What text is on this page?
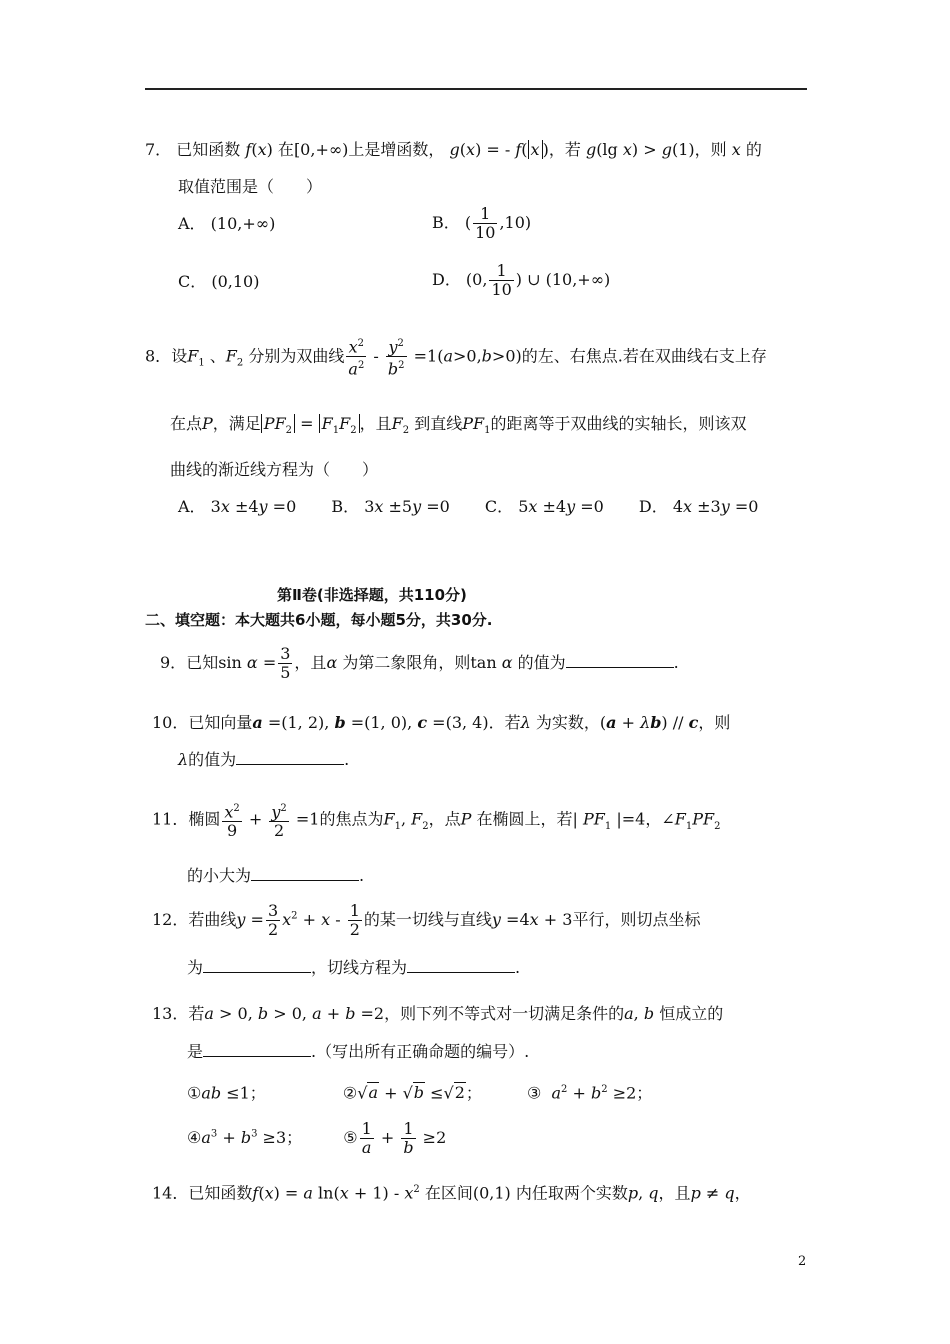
7． 已知函数 f(x) 在[0,+∞)上是增函数， g(x) = - f( x )，若 g(lg x) > g(1)，则 x 的
取值范围是（　　）
A． (10,+∞)	B． ( $\frac{1}{10} ,10$)
C． (0,10)	D． (0, $\frac{1}{10}$ ) ∪ (10,+∞)
8．设$F_1$ 、$F_2$ 分别为双曲线 $\frac{x^2}{a^2} - \frac{y^2}{b^2} =1(a>0,b>0)$的左、右焦点.若在双曲线右支上存
在点P，满足 $PF_2 = F_1F_2$ ，且$F_2$ 到直线$PF_1$的距离等于双曲线的实轴长，则该双
曲线的渐近线方程为（　　）
A． 3x ±4y =0 B． 3x ±5y =0 C． 5x ±4y =0 D． 4x ±3y =0
第Ⅱ卷(非选择题，共110分)
二、填空题：本大题共6小题，每小题5分，共30分.
9．已知$\sin \alpha = \frac{3}{5}$ ，且α 为第二象限角，则tan α 的值为	.
10．已知向量a =(1, 2), b =(1, 0), c =(3, 4)．若λ 为实数，(a + λb) // c，则
λ的值为	.
11．椭圆 $\frac{x^2}{9} + \frac{y^2}{2} =1$的焦点为$F_1$, $F_2$，点P 在椭圆上，若| $PF_1$ |=4，$\angle F_1PF_2$
的小大为	.
12．若曲线$y = \frac{3}{2} x^2 + x - \frac{1}{2}$ 的某一切线与直线y =4x + 3平行，则切点坐标
为	，切线方程为	.
13．若a > 0, b > 0, a + b =2，则下列不等式对一切满足条件的a, b 恒成立的
是	.（写出所有正确命题的编号）.
①ab ≤1；	②√a + √b ≤√2；	③ $a^2 + b^2 \ge 2$；
$④a^3 + b^3 \ge 3$； ⑤ $\frac{1}{a} + \frac{1}{b} \ge 2$
14．已知函数f(x) = a $\ln(x + 1) - x^2$ 在区间(0,1) 内任取两个实数p, q，且p ≠ q，
2
